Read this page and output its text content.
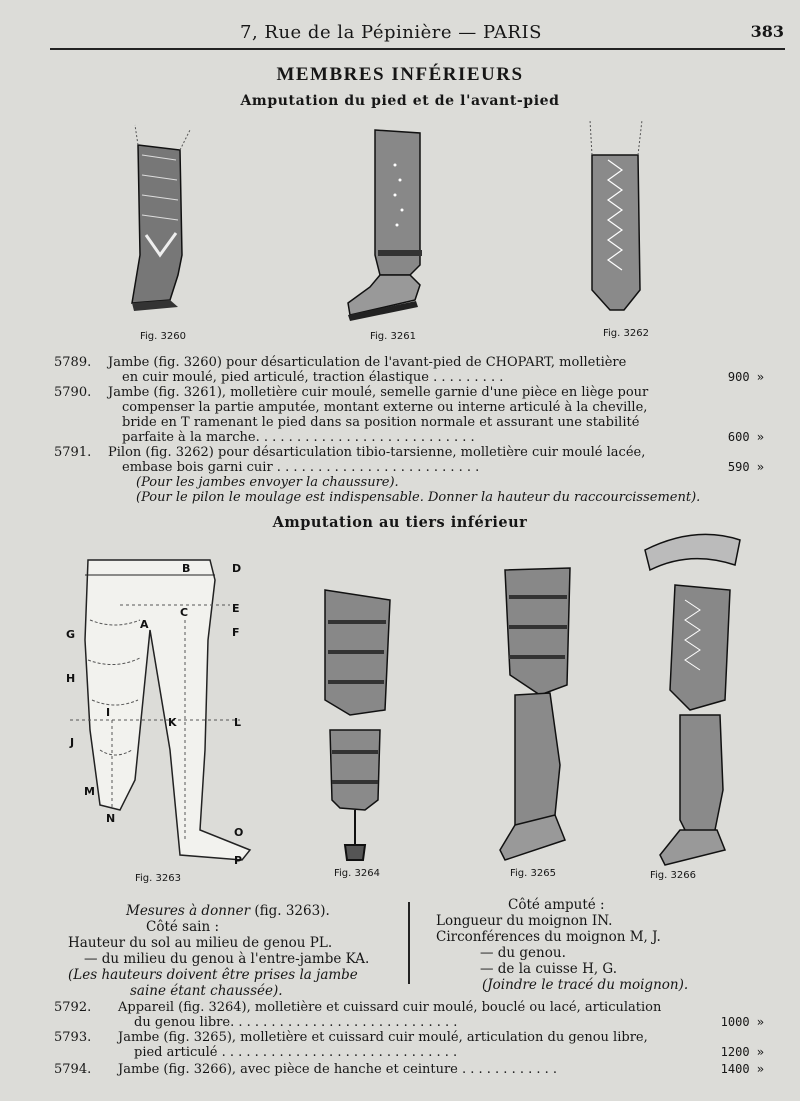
7, Rue de la Pépinière — PARIS	383
MEMBRES INFÉRIEURS
Amputation du pied et de l'avant-pied
Fig. 3260	Fig. 3261	Fig. 3262
5789. Jambe (fig. 3260) pour désarticulation de l'avant-pied de CHOPART, molletière
en cuir moulé, pied articulé, traction élastique . . . . . . . . .	900 »
5790. Jambe (fig. 3261), molletière cuir moulé, semelle garnie d'une pièce en liège pour
compenser la partie amputée, montant externe ou interne articulé à la cheville,
bride en T ramenant le pied dans sa position normale et assurant une stabilité
parfaite à la marche. . . . . . . . . . . . . . . . . . . . . . . . . . .	600 »
5791. Pilon (fig. 3262) pour désarticulation tibio-tarsienne, molletière cuir moulé lacée,
embase bois garni cuir . . . . . . . . . . . . . . . . . . . . . . . . .	590 »
(Pour les jambes envoyer la chaussure).
(Pour le pilon le moulage est indispensable. Donner la hauteur du raccourcissement).
Amputation au tiers inférieur
B	D
C	E
A
F
G
H
I
K	L
J
M
N
O
P
Fig. 3263	Fig. 3264	Fig. 3265	Fig. 3266
Mesures à donner (fig. 3263).
Côté sain :
Hauteur du sol au milieu de genou PL.
— du milieu du genou à l'entre-jambe KA.
(Les hauteurs doivent être prises la jambe
saine étant chaussée).
Côté amputé :
Longueur du moignon IN.
Circonférences du moignon M, J.
— du genou.
— de la cuisse H, G.
(Joindre le tracé du moignon).
5792. Appareil (fig. 3264), molletière et cuissard cuir moulé, bouclé ou lacé, articulation
du genou libre. . . . . . . . . . . . . . . . . . . . . . . . . . . .	1000 »
5793. Jambe (fig. 3265), molletière et cuissard cuir moulé, articulation du genou libre,
pied articulé . . . . . . . . . . . . . . . . . . . . . . . . . . . . .	1200 »
5794. Jambe (fig. 3266), avec pièce de hanche et ceinture . . . . . . . . . . . .	1400 »
